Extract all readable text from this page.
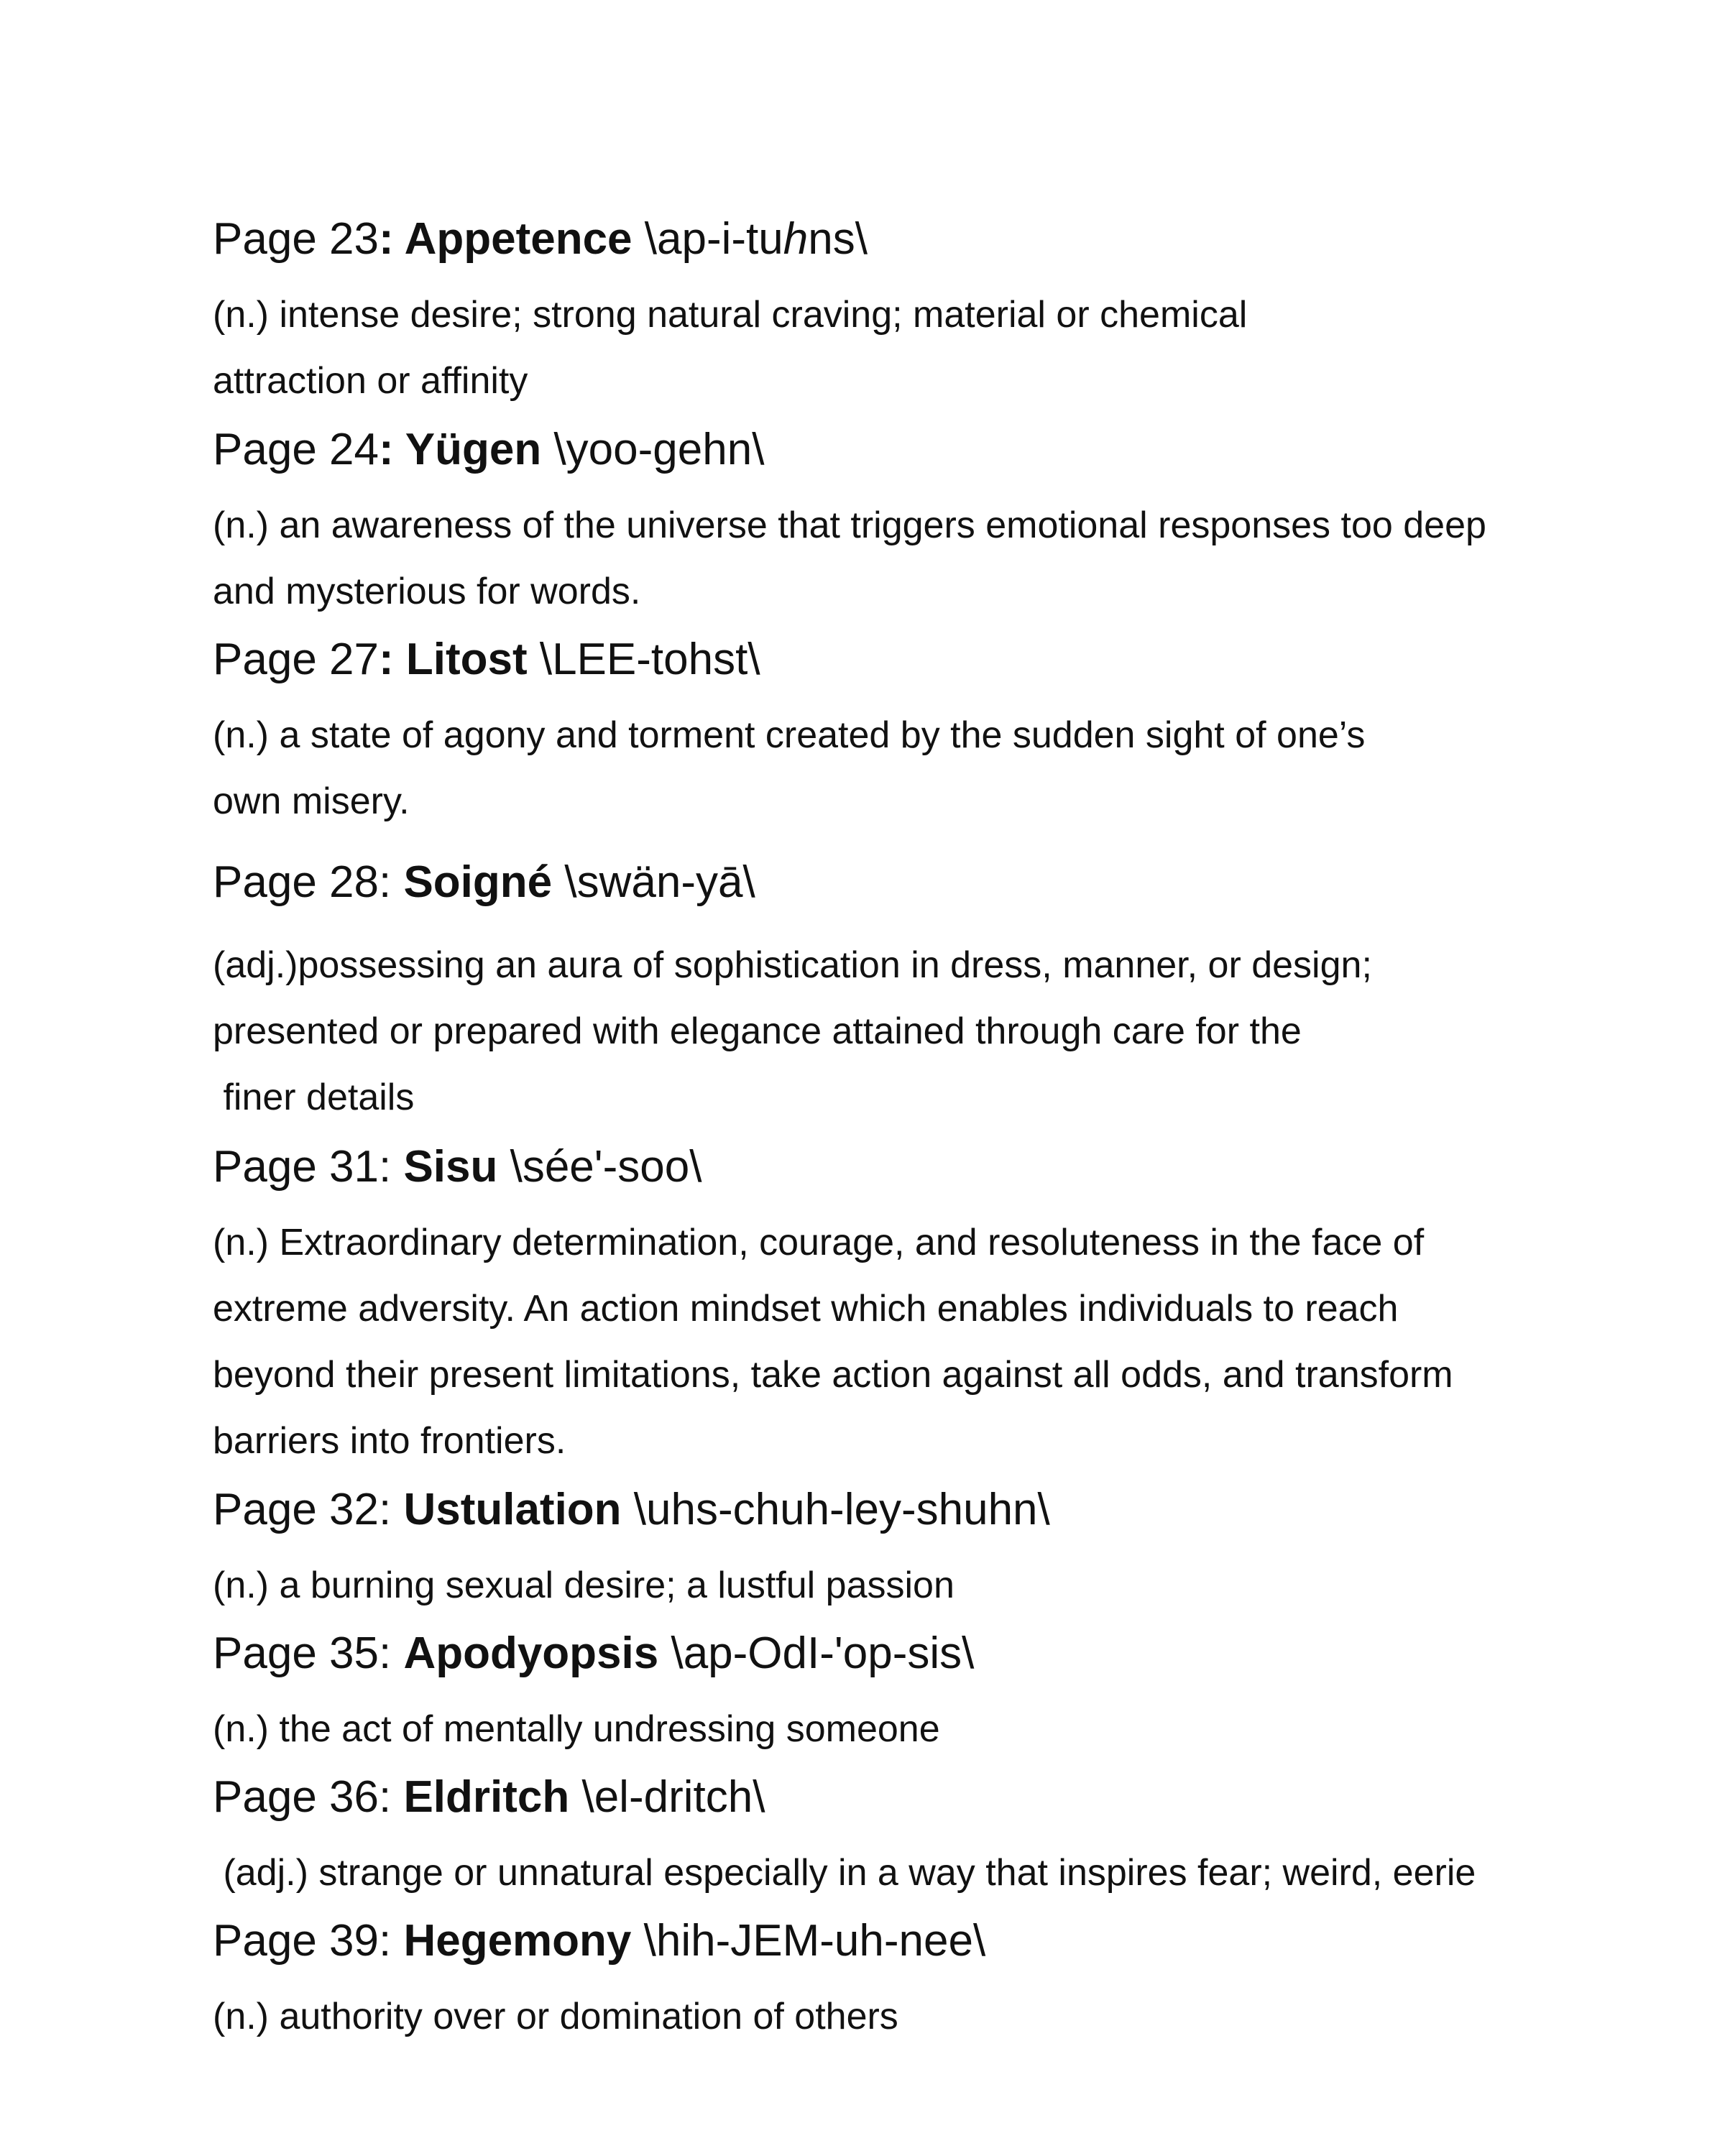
Page 23: Appetence \ap-i-tuhns\
(n.) intense desire; strong natural craving; material or chemical
attraction or affinity
Page 24: Yügen \yoo-gehn\
(n.) an awareness of the universe that triggers emotional responses too deep
and mysterious for words.
Page 27: Litost \LEE-tohst\
(n.) a state of agony and torment created by the sudden sight of one’s
own misery.
Page 28: Soigné \swän-yā\
(adj.)possessing an aura of sophistication in dress, manner, or design;
presented or prepared with elegance attained through care for the
finer details
Page 31: Sisu \sée'-soo\
(n.) Extraordinary determination, courage, and resoluteness in the face of
extreme adversity. An action mindset which enables individuals to reach
beyond their present limitations, take action against all odds, and transform
barriers into frontiers.
Page 32: Ustulation \uhs-chuh-ley-shuhn\
(n.) a burning sexual desire; a lustful passion
Page 35: Apodyopsis \ap-OdI-'op-sis\
(n.) the act of mentally undressing someone
Page 36: Eldritch \el-dritch\
(adj.) strange or unnatural especially in a way that inspires fear; weird, eerie
Page 39: Hegemony \hih-JEM-uh-nee\
(n.) authority over or domination of others
